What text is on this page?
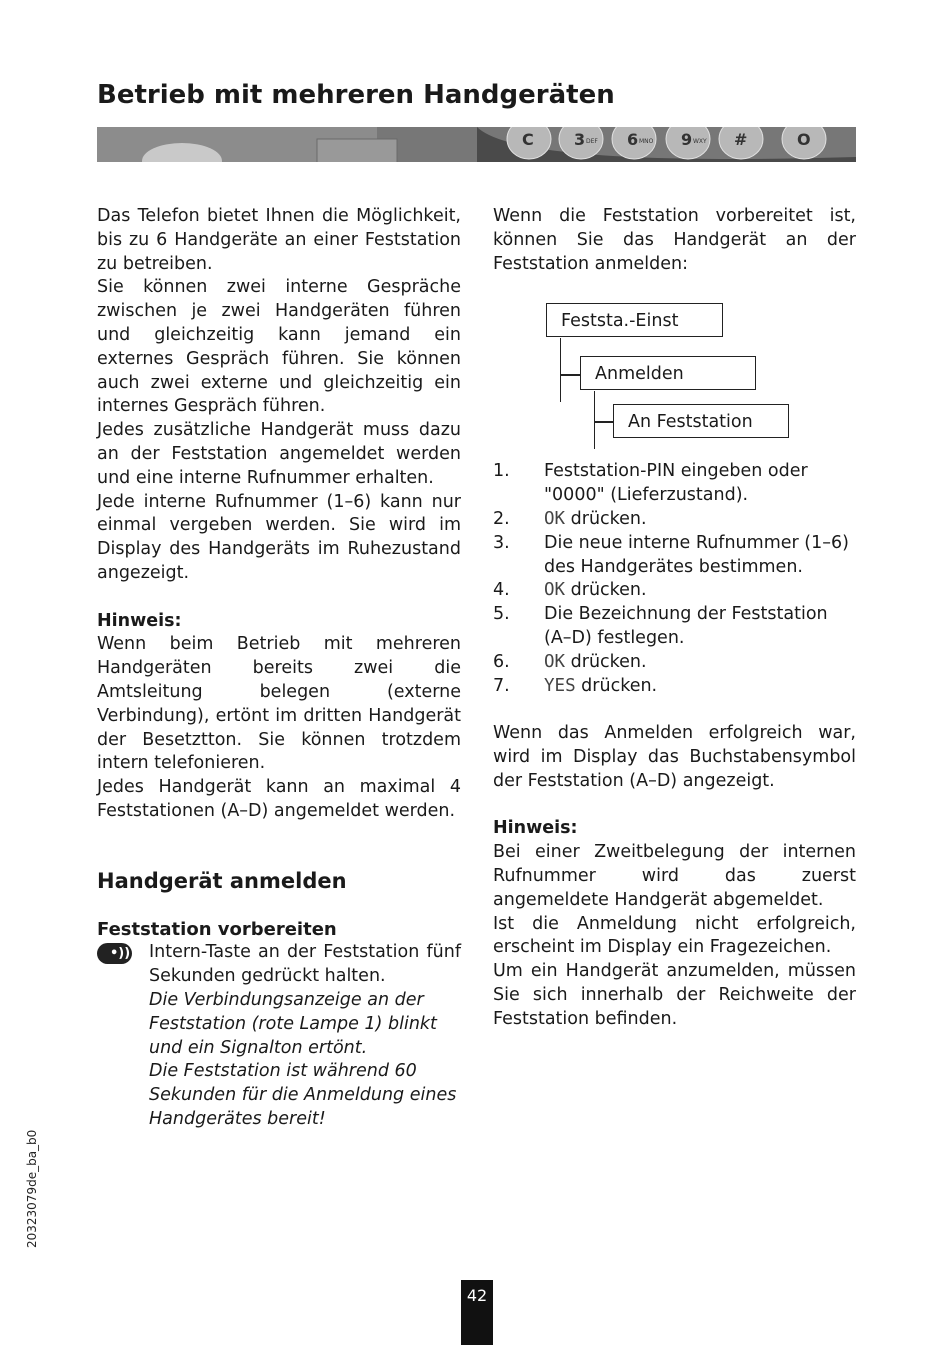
Betrieb mit mehreren Handgeräten
C	3 DEF 6 MNO 9 WXY #	O

Das Telefon bietet Ihnen die Möglichkeit, bis zu 6 Handgeräte an einer Feststation zu betreiben.

Sie können zwei interne Gespräche zwischen je zwei Handgeräten führen und gleichzeitig kann jemand ein externes Gespräch führen. Sie können auch zwei externe und gleichzeitig ein internes Gespräch führen.

Jedes zusätzliche Handgerät muss dazu an der Feststation angemeldet werden und eine interne Rufnummer erhalten.

Jede interne Rufnummer (1–6) kann nur einmal vergeben werden. Sie wird im Display des Handgeräts im Ruhezustand angezeigt.

Hinweis:

Wenn beim Betrieb mit mehreren Handgeräten bereits zwei die Amtsleitung belegen (externe Verbindung), ertönt im dritten Handgerät der Besetztton. Sie können trotzdem intern telefonieren.

Jedes Handgerät kann an maximal 4 Feststationen (A–D) angemeldet werden.

Handgerät anmelden

Feststation vorbereiten

•)) Intern-Taste an der Feststation fünf Sekunden gedrückt halten.

Die Verbindungsanzeige an der Feststation (rote Lampe 1) blinkt und ein Signalton ertönt.

Die Feststation ist während 60 Sekunden für die Anmeldung eines Handgerätes bereit!

Wenn die Feststation vorbereitet ist, können Sie das Handgerät an der Feststation anmelden:

Feststa.-Einst
Anmelden
An Feststation
1. Feststation-PIN eingeben oder "0000" (Lieferzustand).
2. OK drücken.
3. Die neue interne Rufnummer (1–6) des Handgerätes bestimmen.
4. OK drücken.
5. Die Bezeichnung der Feststation (A–D) festlegen.
6. OK drücken.
7. YES drücken.

Wenn das Anmelden erfolgreich war, wird im Display das Buchstabensymbol der Feststation (A–D) angezeigt.

Hinweis:

Bei einer Zweitbelegung der internen Rufnummer wird das zuerst angemeldete Handgerät abgemeldet.

Ist die Anmeldung nicht erfolgreich, erscheint im Display ein Fragezeichen.

Um ein Handgerät anzumelden, müssen Sie sich innerhalb der Reichweite der Feststation befinden.

20323079de_ba_b0
42
